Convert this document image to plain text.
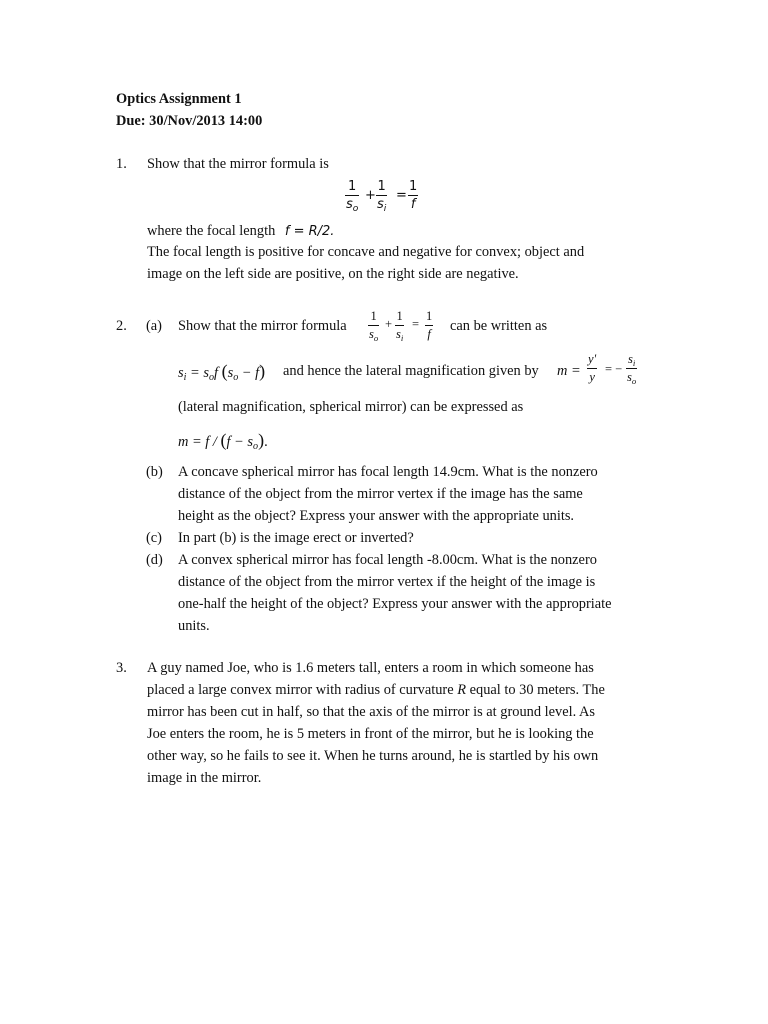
Optics Assignment 1
Due: 30/Nov/2013 14:00
1. Show that the mirror formula is
$\frac{1}{s_o} + \frac{1}{s_i} = \frac{1}{f}$
where the focal length f = R/2.
The focal length is positive for concave and negative for convex; object and
image on the left side are positive, on the right side are negative.
2. (a) Show that the mirror formula $\frac{1}{s_o} + \frac{1}{s_i} = \frac{1}{f}$ can be written as
$s_i = s_of$ $(s_o - f)$ and hence the lateral magnification given by $m = \frac{y'}{y}$ = − $\frac{s_i}{s_o}$
(lateral magnification, spherical mirror) can be expressed as
$m = f / (f - s_o)$.
(b) A concave spherical mirror has focal length 14.9cm. What is the nonzero
distance of the object from the mirror vertex if the image has the same
height as the object? Express your answer with the appropriate units.
(c) In part (b) is the image erect or inverted?
(d) A convex spherical mirror has focal length -8.00cm. What is the nonzero
distance of the object from the mirror vertex if the height of the image is
one-half the height of the object? Express your answer with the appropriate
units.
3. A guy named Joe, who is 1.6 meters tall, enters a room in which someone has
placed a large convex mirror with radius of curvature R equal to 30 meters. The
mirror has been cut in half, so that the axis of the mirror is at ground level. As
Joe enters the room, he is 5 meters in front of the mirror, but he is looking the
other way, so he fails to see it. When he turns around, he is startled by his own
image in the mirror.
